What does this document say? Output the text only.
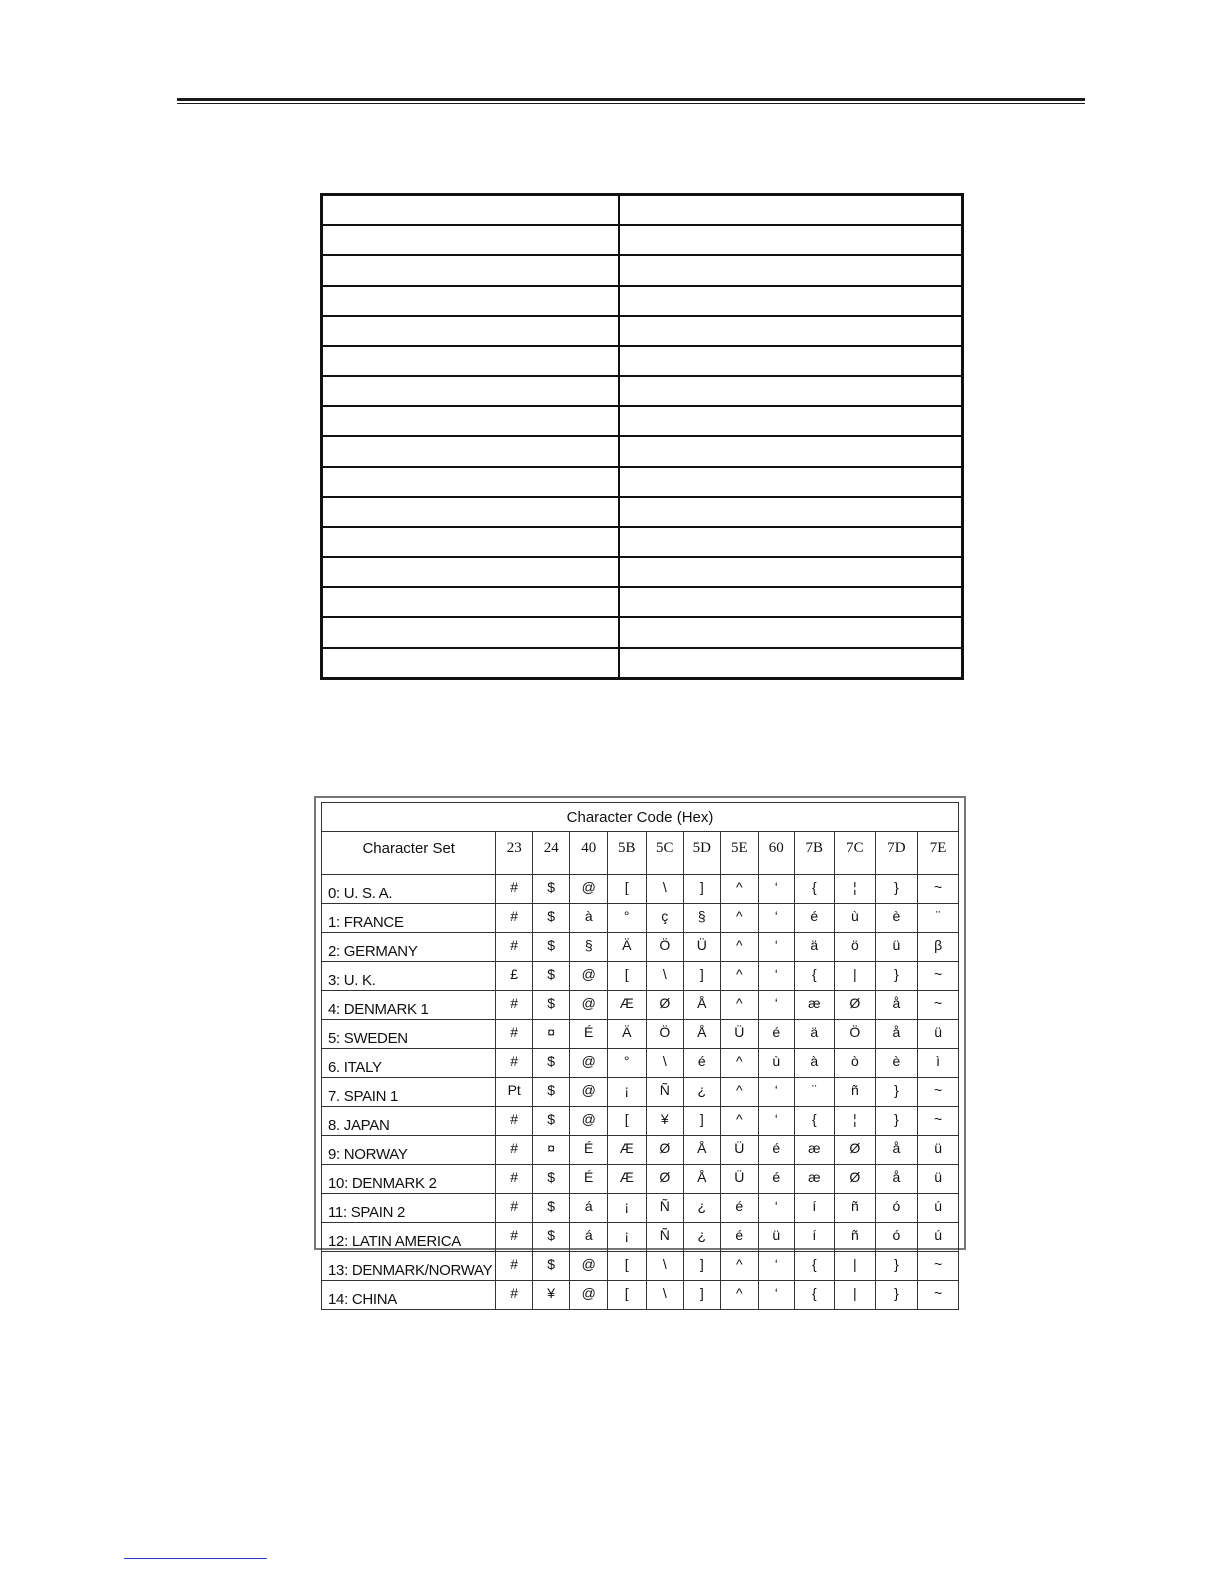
Character Code (Hex)												
Character Set	23	24	40	5B	5C	5D	5E	60	7B	7C	7D	7E
0: U. S. A.	#	$	@	[	\	]	^	‘	{	¦	}	~
1: FRANCE	#	$	à	°	ç	§	^	‘	é	ù	è	¨
2: GERMANY	#	$	§	Ä	Ö	Ü	^	‘	ä	ö	ü	β
3: U. K.	£	$	@	[	\	]	^	‘	{	|	}	~
4: DENMARK 1	#	$	@	Æ	Ø	Å	^	‘	æ	Ø	å	~
5: SWEDEN	#	¤	É	Ä	Ö	Å	Ü	é	ä	Ö	å	ü
6. ITALY	#	$	@	°	\	é	^	ù	à	ò	è	ì
7. SPAIN 1	Pt	$	@	¡	Ñ	¿	^	‘	¨	ñ	}	~
8. JAPAN	#	$	@	[	¥	]	^	‘	{	¦	}	~
9: NORWAY	#	¤	É	Æ	Ø	Å	Ü	é	æ	Ø	å	ü
10: DENMARK 2	#	$	É	Æ	Ø	Å	Ü	é	æ	Ø	å	ü
11: SPAIN 2	#	$	á	¡	Ñ	¿	é	‘	í	ñ	ó	ú
12: LATIN AMERICA	#	$	á	¡	Ñ	¿	é	ü	í	ñ	ó	ú
13: DENMARK/NORWAY	#	$	@	[	\	]	^	‘	{	|	}	~
14: CHINA	#	¥	@	[	\	]	^	‘	{	|	}	~
